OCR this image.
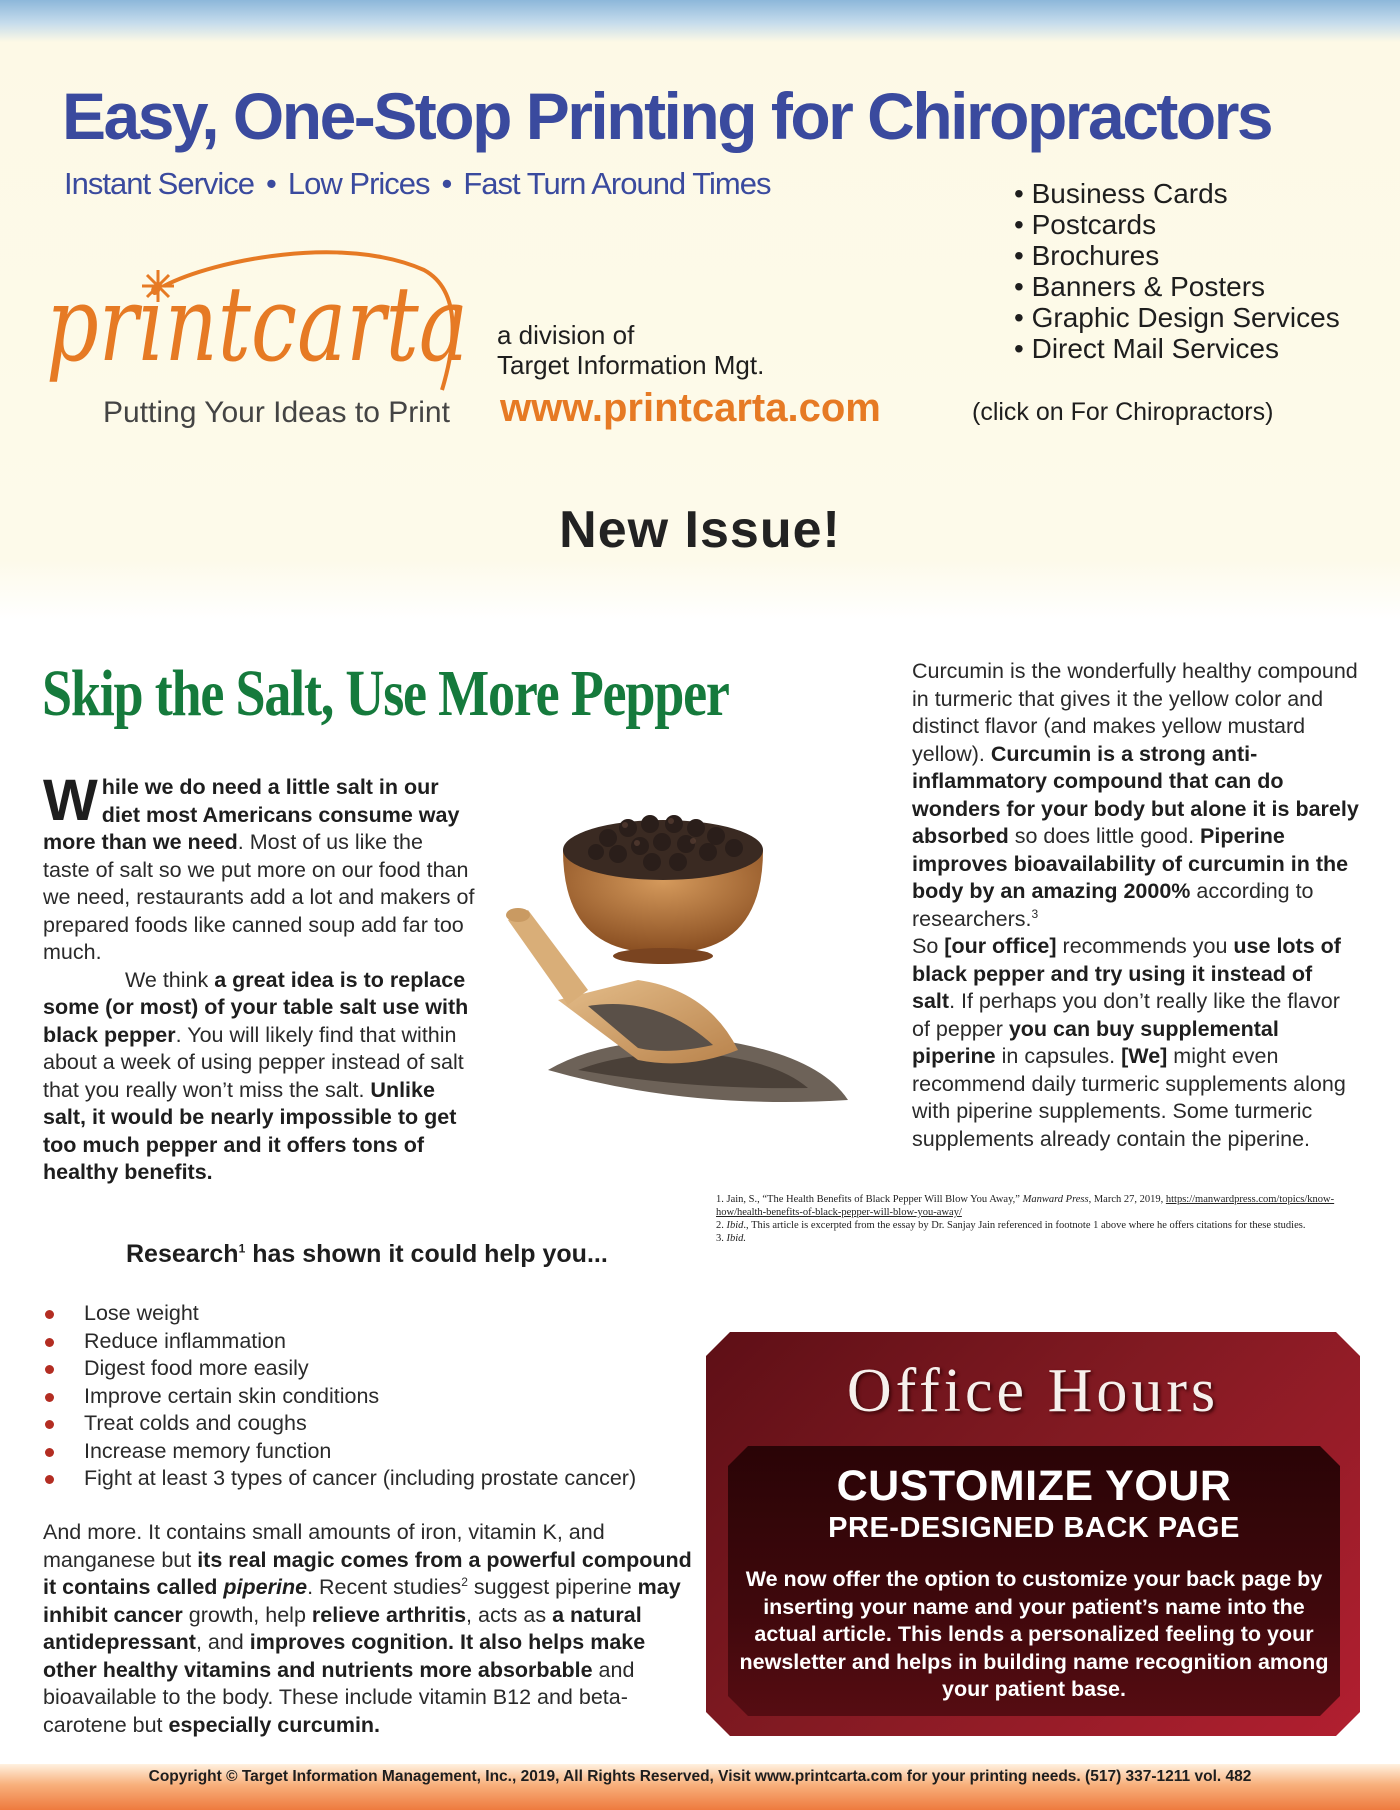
Easy, One-Stop Printing for Chiropractors
Instant Service • Low Prices • Fast Turn Around Times
•	Business Cards
• Postcards
• Brochures
• Banners & Posters
• Graphic Design Services
• Direct Mail Services
printcarta
Putting Your Ideas to Print
a division of
Target Information Mgt.
www.printcarta.com	(click on For Chiropractors)
New Issue!
Skip the Salt, Use More Pepper

While we do need a little salt in our diet most Americans consume way more than we need. Most of us like the taste of salt so we put more on our food than we need, restaurants add a lot and makers of prepared foods like canned soup add far too much.

We think a great idea is to replace some (or most) of your table salt use with black pepper. You will likely find that within about a week of using pepper instead of salt that you really won’t miss the salt. Unlike salt, it would be nearly impossible to get too much pepper and it offers tons of healthy benefits.

Curcumin is the wonderfully healthy compound in turmeric that gives it the yellow color and distinct flavor (and makes yellow mustard yellow). Curcumin is a strong anti-inflammatory compound that can do wonders for your body but alone it is barely absorbed so does little good. Piperine improves bioavailability of curcumin in the body by an amazing 2000% according to researchers.$^3$

So [our office] recommends you use lots of black pepper and try using it instead of salt. If perhaps you don’t really like the flavor of pepper you can buy supplemental piperine in capsules. [We] might even recommend daily turmeric supplements along with piperine supplements. Some turmeric supplements already contain the piperine.

1. Jain, S., “The Health Benefits of Black Pepper Will Blow You Away,” Manward Press, March 27, 2019, https://manwardpress.com/topics/know-how/health-benefits-of-black-pepper-will-blow-you-away/
2. Ibid., This article is excerpted from the essay by Dr. Sanjay Jain referenced in footnote 1 above where he offers citations for these studies.
3. Ibid.
Research$^1$ has shown it could help you...
Lose weight
Reduce inflammation
Digest food more easily
Improve certain skin conditions
Treat colds and coughs
Increase memory function
Fight at least 3 types of cancer (including prostate cancer)

And more. It contains small amounts of iron, vitamin K, and manganese but its real magic comes from a powerful compound it contains called piperine. Recent studies$^2$ suggest piperine may inhibit cancer growth, help relieve arthritis, acts as a natural antidepressant, and improves cognition. It also helps make other healthy vitamins and nutrients more absorbable and bioavailable to the body. These include vitamin B12 and beta-carotene but especially curcumin.

Office Hours
CUSTOMIZE YOUR
PRE-DESIGNED BACK PAGE
We now offer the option to customize your back page by inserting your name and your patient’s name into the actual article. This lends a personalized feeling to your newsletter and helps in building name recognition among your patient base.
Copyright © Target Information Management, Inc., 2019, All Rights Reserved, Visit www.printcarta.com for your printing needs. (517) 337-1211 vol. 482
